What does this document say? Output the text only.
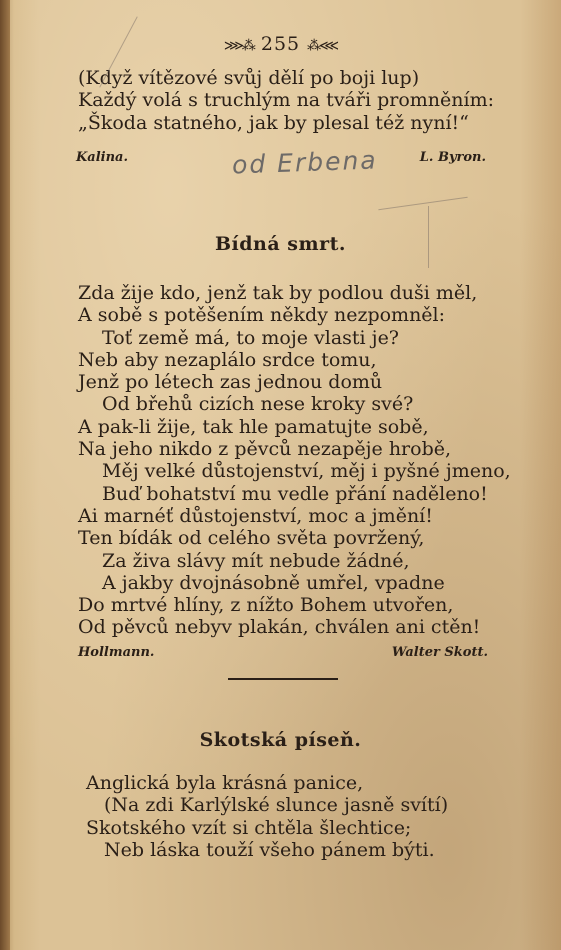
⋙⁂ 255 ⁂⋘
(Když vítězové svůj dělí po boji lup)
Každý volá s truchlým na tváři promněním:
„Škoda statného, jak by plesal též nyní!“
Kalina.	L. Byron.
od Erbena
Bídná smrt.
Zda žije kdo, jenž tak by podlou duši měl,
A sobě s potěšením někdy nezpomněl:
Toť země má, to moje vlasti je?
Neb aby nezaplálo srdce tomu,
Jenž po létech zas jednou domů
Od břehů cizích nese kroky své?
A pak-li žije, tak hle pamatujte sobě,
Na jeho nikdo z pěvců nezapěje hrobě,
Měj velké důstojenství, měj i pyšné jmeno,
Buď bohatství mu vedle přání naděleno!
Ai marnéť důstojenství, moc a jmění!
Ten bídák od celého světa povržený,
Za živa slávy mít nebude žádné,
A jakby dvojnásobně umřel, vpadne
Do mrtvé hlíny, z nížto Bohem utvořen,
Od pěvců nebyv plakán, chválen ani ctěn!
Hollmann.	Walter Skott.
Skotská píseň.
Anglická byla krásná panice,
(Na zdi Karlýlské slunce jasně svítí)
Skotského vzít si chtěla šlechtice;
Neb láska touží všeho pánem býti.
